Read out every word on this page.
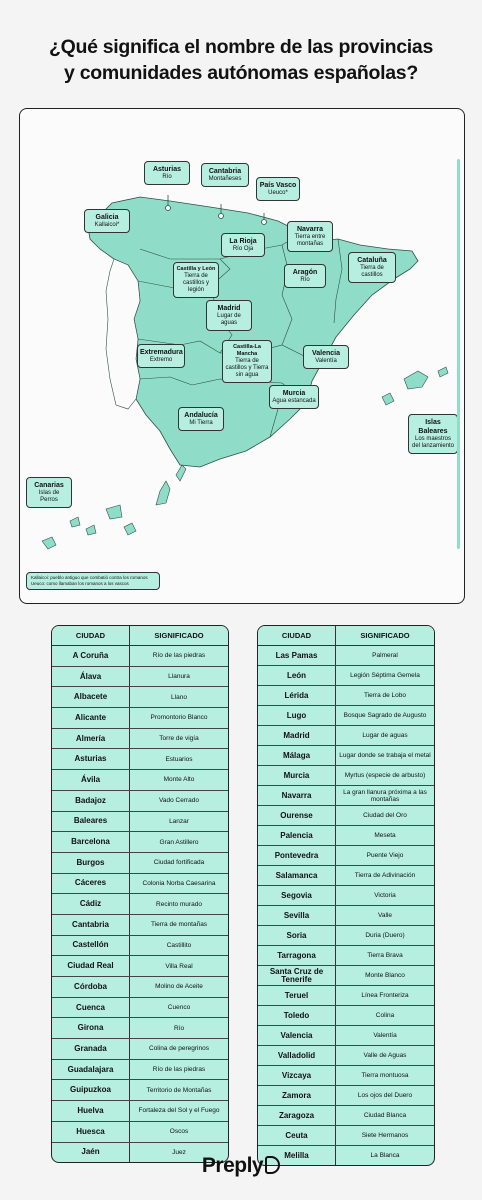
¿Qué significa el nombre de las provincias
y comunidades autónomas españolas?
Asturias
Río
Cantabria
Montañeses
País Vasco
Ueuco*
Galicia
Kallaicoi*
Navarra
Tierra entre montañas
La Rioja
Río Oja
Castilla y León
Tierra de castillos y legión
Aragón
Río
Cataluña
Tierra de castillos
Madrid
Lugar de aguas
Extremadura
Extremo
Castilla-La Mancha
Tierra de castillos y Tierra sin agua
Valencia
Valentía
Murcia
Agua estancada
Andalucía
Mi Tierra	Islas Baleares
Los maestros del lanzamiento
Canarias
Islas de Perros
Kallaicoi: pueblo antiguo que combatió contra los romanos
Ueuco: como llamaban los romanos a los vascos
CIUDAD	SIGNIFICADO
A Coruña	Río de las piedras
Álava	Llanura
Albacete	Llano
Alicante	Promontorio Blanco
Almería	Torre de vigía
Asturias	Estuarios
Ávila	Monte Alto
Badajoz	Vado Cerrado
Baleares	Lanzar
Barcelona	Gran Astillero
Burgos	Ciudad fortificada
Cáceres	Colonia Norba Caesarina
Cádiz	Recinto murado
Cantabria	Tierra de montañas
Castellón	Castillito
Ciudad Real	Villa Real
Córdoba	Molino de Aceite
Cuenca	Cuenco
Girona	Río
Granada	Colina de peregrinos
Guadalajara	Río de las piedras
Guipuzkoa	Territorio de Montañas
Huelva	Fortaleza del Sol y el Fuego
Huesca	Oscos
Jaén	Juez
CIUDAD	SIGNIFICADO
Las Pamas	Palmeral
León	Legión Séptima Gemela
Lérida	Tierra de Lobo
Lugo	Bosque Sagrado de Augusto
Madrid	Lugar de aguas
Málaga	Lugar donde se trabaja el metal
Murcia	Myrtus (especie de arbusto)
Navarra	La gran llanura próxima a las montañas
Ourense	Ciudad del Oro
Palencia	Meseta
Pontevedra	Puente Viejo
Salamanca	Tierra de Adivinación
Segovia	Victoria
Sevilla	Valle
Soria	Duria (Duero)
Tarragona	Tierra Brava
Santa Cruz de Tenerife	Monte Blanco
Teruel	Línea Fronteriza
Toledo	Colina
Valencia	Valentía
Valladolid	Valle de Aguas
Vizcaya	Tierra montuosa
Zamora	Los ojos del Duero
Zaragoza	Ciudad Blanca
Ceuta	Siete Hermanos
Melilla	La Blanca
Preply
